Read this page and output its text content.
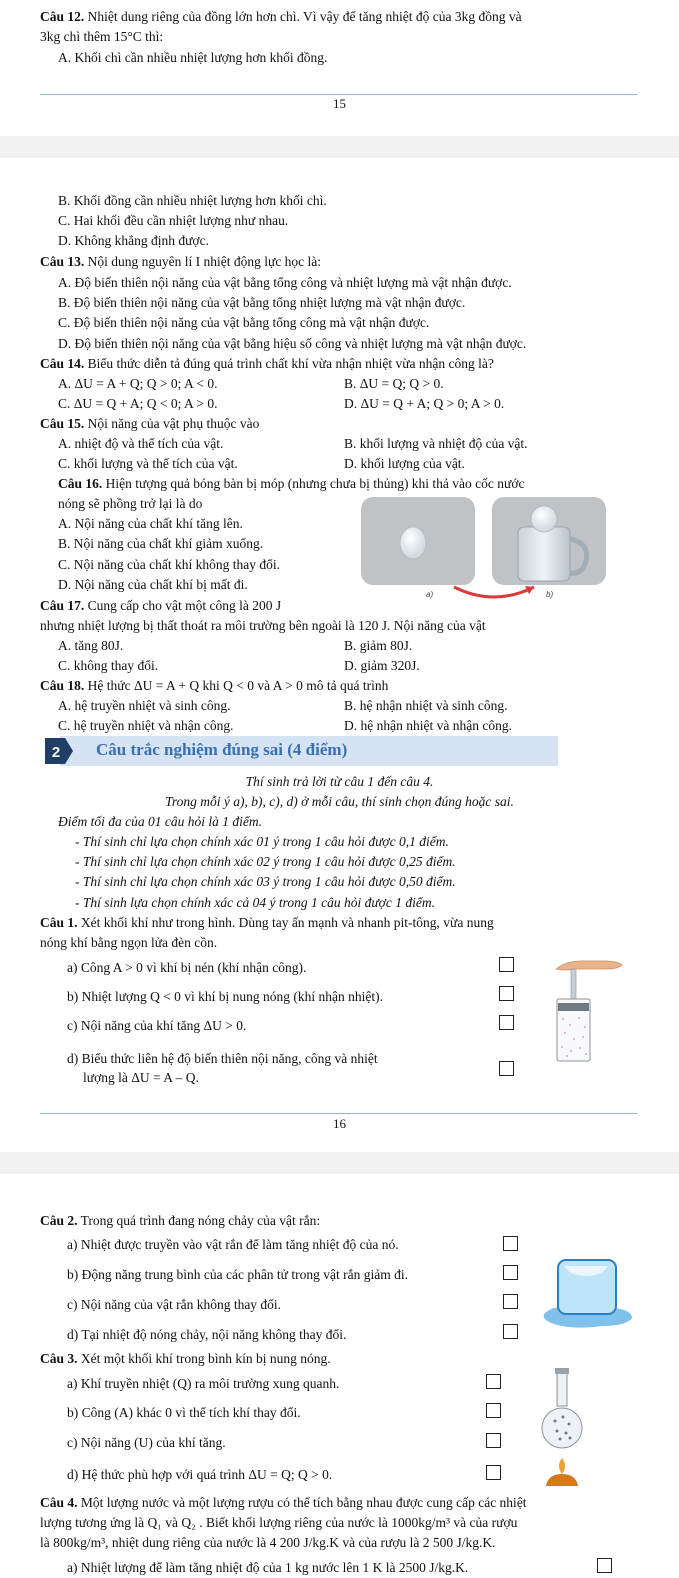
Câu 12. Nhiệt dung riêng của đồng lớn hơn chì. Vì vậy để tăng nhiệt độ của 3kg đồng và
3kg chì thêm 15°C thì:
A. Khối chì cần nhiều nhiệt lượng hơn khối đồng.
15
B. Khối đồng cần nhiều nhiệt lượng hơn khối chì.
C. Hai khối đều cần nhiệt lượng như nhau.
D. Không khẳng định được.
Câu 13. Nội dung nguyên lí I nhiệt động lực học là:
A. Độ biến thiên nội năng của vật bằng tổng công và nhiệt lượng mà vật nhận được.
B. Độ biến thiên nội năng của vật bằng tổng nhiệt lượng mà vật nhận được.
C. Độ biến thiên nội năng của vật bằng tổng công mà vật nhận được.
D. Độ biến thiên nội năng của vật bằng hiệu số công và nhiệt lượng mà vật nhận được.
Câu 14. Biểu thức diễn tả đúng quá trình chất khí vừa nhận nhiệt vừa nhận công là?
A. ΔU = A + Q; Q > 0; A < 0.	B. ΔU = Q; Q > 0.
C. ΔU = Q + A; Q < 0; A > 0.	D. ΔU = Q + A; Q > 0; A > 0.
Câu 15. Nội năng của vật phụ thuộc vào
A. nhiệt độ và thể tích của vật.	B. khối lượng và nhiệt độ của vật.
C. khối lượng và thể tích của vật.	D. khối lượng của vật.
Câu 16. Hiện tượng quả bóng bàn bị móp (nhưng chưa bị thủng) khi thả vào cốc nước
nóng sẽ phồng trở lại là do
A. Nội năng của chất khí tăng lên.
B. Nội năng của chất khí giảm xuống.
C. Nội năng của chất khí không thay đổi.
D. Nội năng của chất khí bị mất đi.
a)	b)
Câu 17. Cung cấp cho vật một công là 200 J
nhưng nhiệt lượng bị thất thoát ra môi trường bên ngoài là 120 J. Nội năng của vật
A. tăng 80J.	B. giảm 80J.
C. không thay đổi.	D. giảm 320J.
Câu 18. Hệ thức ΔU = A + Q khi Q < 0 và A > 0 mô tả quá trình
A. hệ truyền nhiệt và sinh công.	B. hệ nhận nhiệt và sinh công.
C. hệ truyền nhiệt và nhận công.	D. hệ nhận nhiệt và nhận công.
2 Câu trắc nghiệm đúng sai (4 điểm)
Thí sinh trả lời từ câu 1 đến câu 4.
Trong mỗi ý a), b), c), d) ở mỗi câu, thí sinh chọn đúng hoặc sai.
Điểm tối đa của 01 câu hỏi là 1 điểm.
- Thí sinh chỉ lựa chọn chính xác 01 ý trong 1 câu hỏi được 0,1 điểm.
- Thí sinh chỉ lựa chọn chính xác 02 ý trong 1 câu hỏi được 0,25 điểm.
- Thí sinh chỉ lựa chọn chính xác 03 ý trong 1 câu hỏi được 0,50 điểm.
- Thí sinh lựa chọn chính xác cả 04 ý trong 1 câu hỏi được 1 điểm.
Câu 1. Xét khối khí như trong hình. Dùng tay ấn mạnh và nhanh pit-tông, vừa nung
nóng khí bằng ngọn lửa đèn cồn.
a) Công A > 0 vì khí bị nén (khí nhận công).
b) Nhiệt lượng Q < 0 vì khí bị nung nóng (khí nhận nhiệt).
c) Nội năng của khí tăng ΔU > 0.
d) Biểu thức liên hệ độ biến thiên nội năng, công và nhiệt
lượng là ΔU = A – Q.
16
Câu 2. Trong quá trình đang nóng chảy của vật rắn:
a) Nhiệt được truyền vào vật rắn để làm tăng nhiệt độ của nó.
b) Động năng trung bình của các phân tử trong vật rắn giảm đi.
c) Nội năng của vật rắn không thay đổi.
d) Tại nhiệt độ nóng chảy, nội năng không thay đổi.
Câu 3. Xét một khối khí trong bình kín bị nung nóng.
a) Khí truyền nhiệt (Q) ra môi trường xung quanh.
b) Công (A) khác 0 vì thể tích khí thay đổi.
c) Nội năng (U) của khí tăng.
d) Hệ thức phù hợp với quá trình ΔU = Q; Q > 0.
Câu 4. Một lượng nước và một lượng rượu có thể tích bằng nhau được cung cấp các nhiệt
lượng tương ứng là Q₁ và Q₂ . Biết khối lượng riêng của nước là 1000kg/m³ và của rượu
là 800kg/m³, nhiệt dung riêng của nước là 4 200 J/kg.K và của rượu là 2 500 J/kg.K.
a) Nhiệt lượng để làm tăng nhiệt độ của 1 kg nước lên 1 K là 2500 J/kg.K.
